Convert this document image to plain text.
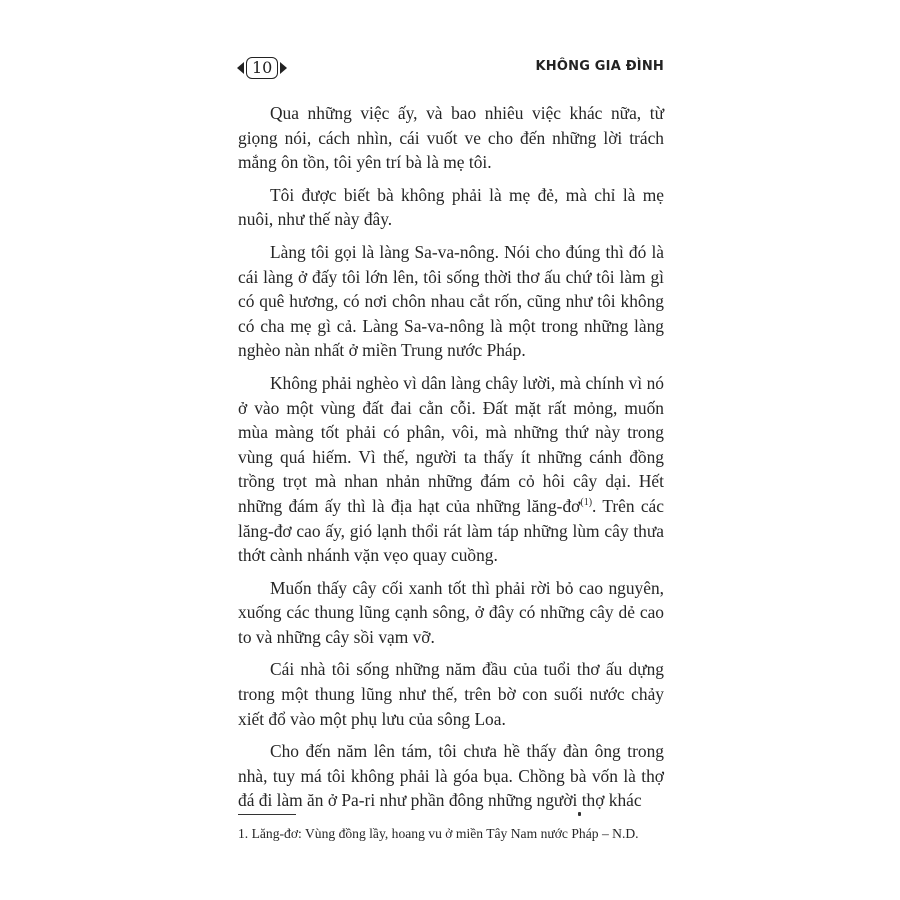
10	KHÔNG GIA ĐÌNH

Qua những việc ấy, và bao nhiêu việc khác nữa, từ giọng nói, cách nhìn, cái vuốt ve cho đến những lời trách mắng ôn tồn, tôi yên trí bà là mẹ tôi.

Tôi được biết bà không phải là mẹ đẻ, mà chỉ là mẹ nuôi, như thế này đây.

Làng tôi gọi là làng Sa-va-nông. Nói cho đúng thì đó là cái làng ở đấy tôi lớn lên, tôi sống thời thơ ấu chứ tôi làm gì có quê hương, có nơi chôn nhau cắt rốn, cũng như tôi không có cha mẹ gì cả. Làng Sa-va-nông là một trong những làng nghèo nàn nhất ở miền Trung nước Pháp.

Không phải nghèo vì dân làng chây lười, mà chính vì nó ở vào một vùng đất đai cằn cỗi. Đất mặt rất mỏng, muốn mùa màng tốt phải có phân, vôi, mà những thứ này trong vùng quá hiếm. Vì thế, người ta thấy ít những cánh đồng trồng trọt mà nhan nhản những đám cỏ hôi cây dại. Hết những đám ấy thì là địa hạt của những lăng-$đơ^{(1)}$. Trên các lăng-đơ cao ấy, gió lạnh thổi rát làm táp những lùm cây thưa thớt cành nhánh vặn vẹo quay cuồng.

Muốn thấy cây cối xanh tốt thì phải rời bỏ cao nguyên, xuống các thung lũng cạnh sông, ở đây có những cây dẻ cao to và những cây sồi vạm vỡ.

Cái nhà tôi sống những năm đầu của tuổi thơ ấu dựng trong một thung lũng như thế, trên bờ con suối nước chảy xiết đổ vào một phụ lưu của sông Loa.

Cho đến năm lên tám, tôi chưa hề thấy đàn ông trong nhà, tuy má tôi không phải là góa bụa. Chồng bà vốn là thợ đá đi làm ăn ở Pa-ri như phần đông những người thợ khác

1. Lăng-đơ: Vùng đồng lầy, hoang vu ở miền Tây Nam nước Pháp – N.D.
